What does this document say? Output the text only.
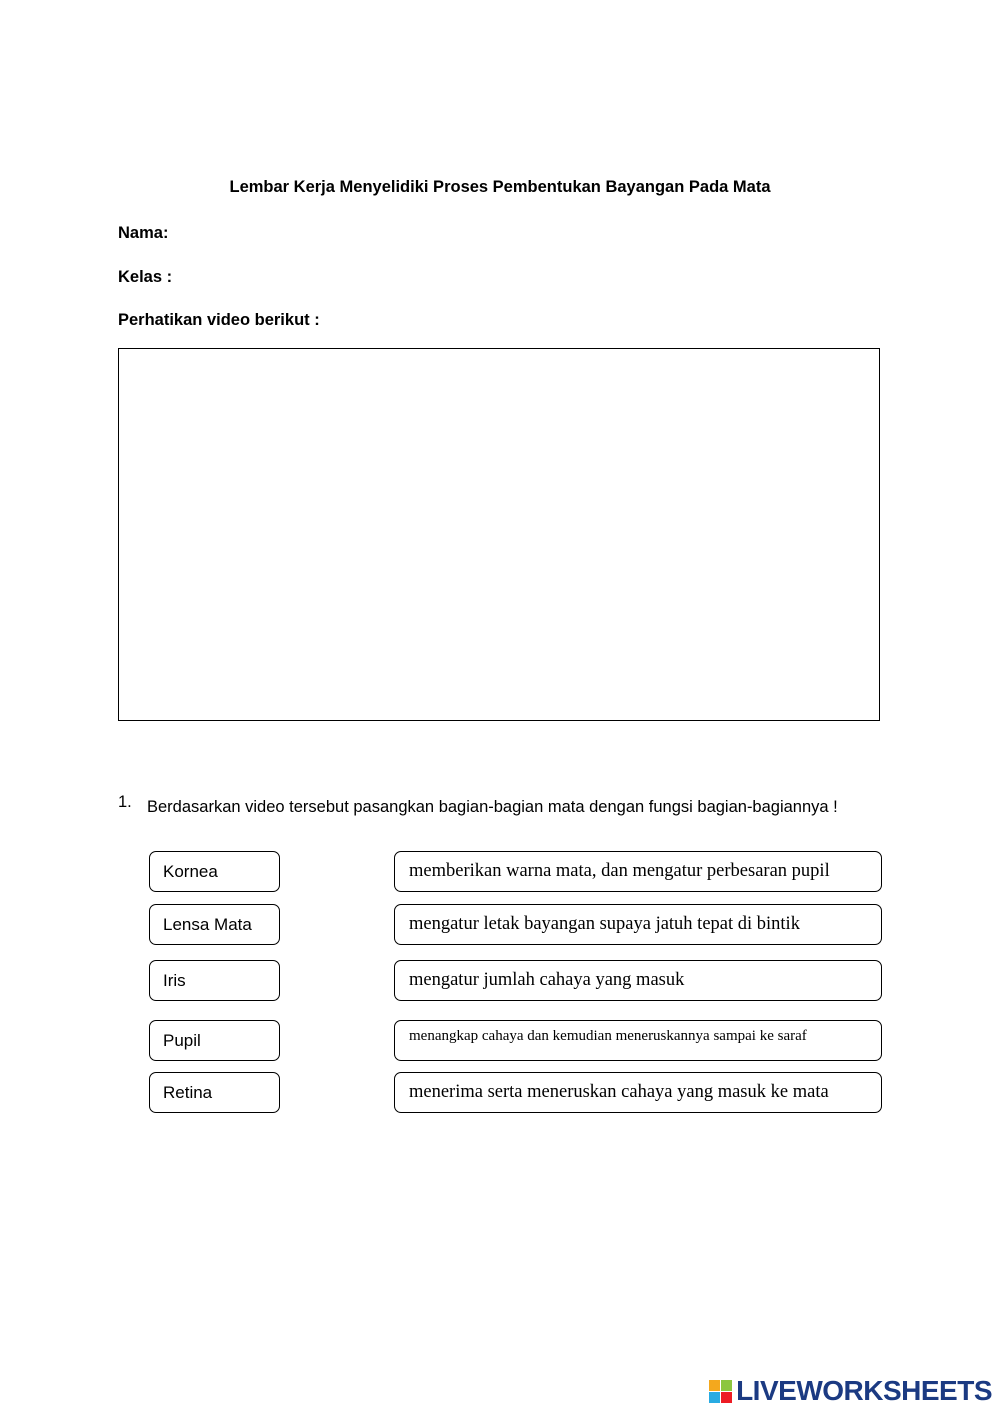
Lembar Kerja Menyelidiki Proses Pembentukan Bayangan Pada Mata
Nama:
Kelas :
Perhatikan video berikut :
1. Berdasarkan video tersebut pasangkan bagian-bagian mata dengan fungsi bagian-bagiannya !
Kornea
Lensa Mata
Iris
Pupil
Retina
memberikan warna mata, dan mengatur perbesaran pupil
mengatur letak bayangan supaya jatuh tepat di bintik
mengatur jumlah cahaya yang masuk
menangkap cahaya dan kemudian meneruskannya sampai ke saraf
menerima serta meneruskan cahaya yang masuk ke mata
LIVEWORKSHEETS
